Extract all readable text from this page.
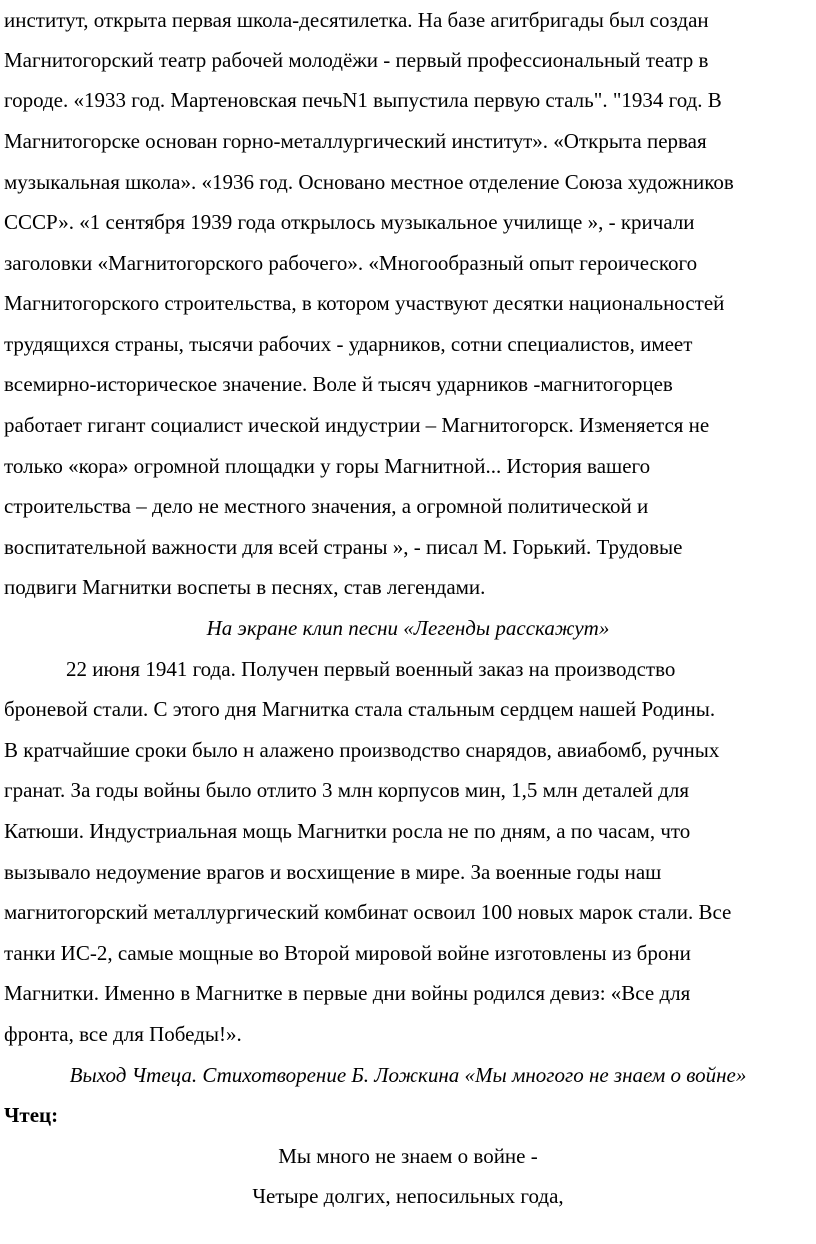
институт, открыта первая школа-десятилетка. На базе агитбригады был создан
Магнитогорский театр рабочей молодёжи - первый профессиональный театр в
городе. «1933 год. Мартеновская печьN1 выпустила первую сталь". "1934 год. В
Магнитогорске основан горно-металлургический институт». «Открыта первая
музыкальная школа». «1936 год. Основано местное отделение Союза художников
СССР». «1 сентября 1939 года открылось музыкальное училище », - кричали
заголовки «Магнитогорского рабочего». «Многообразный опыт героического
Магнитогорского строительства, в котором участвуют десятки национальностей
трудящихся страны, тысячи рабочих - ударников, сотни специалистов, имеет
всемирно-историческое значение. Воле й тысяч ударников -магнитогорцев
работает гигант социалист ической индустрии – Магнитогорск. Изменяется не
только «кора» огромной площадки у горы Магнитной... История вашего
строительства – дело не местного значения, а огромной политической и
воспитательной важности для всей страны », - писал М. Горький. Трудовые
подвиги Магнитки воспеты в песнях, став легендами.
На экране клип песни «Легенды расскажут»
22 июня 1941 года. Получен первый военный заказ на производство
броневой стали. С этого дня Магнитка стала стальным сердцем нашей Родины.
В кратчайшие сроки было н алажено производство снарядов, авиабомб, ручных
гранат. За годы войны было отлито 3 млн корпусов мин, 1,5 млн деталей для
Катюши. Индустриальная мощь Магнитки росла не по дням, а по часам, что
вызывало недоумение врагов и восхищение в мире. За военные годы наш
магнитогорский металлургический комбинат освоил 100 новых марок стали. Все
танки ИС-2, самые мощные во Второй мировой войне изготовлены из брони
Магнитки. Именно в Магнитке в первые дни войны родился девиз: «Все для
фронта, все для Победы!».
Выход Чтеца. Стихотворение Б. Ложкина «Мы многого не знаем о войне»
Чтец:
Мы много не знаем о войне -
Четыре долгих, непосильных года,
